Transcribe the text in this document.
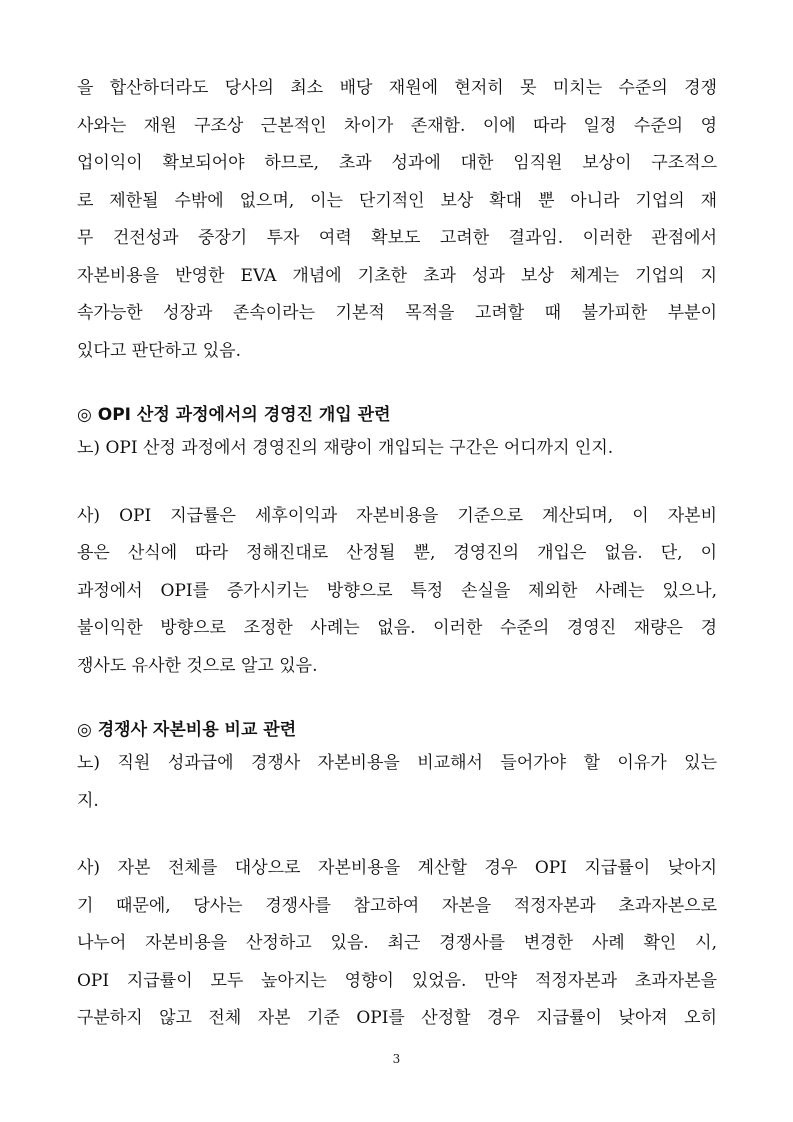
을 합산하더라도 당사의 최소 배당 재원에 현저히 못 미치는 수준의 경쟁
사와는 재원 구조상 근본적인 차이가 존재함. 이에 따라 일정 수준의 영
업이익이 확보되어야 하므로, 초과 성과에 대한 임직원 보상이 구조적으
로 제한될 수밖에 없으며, 이는 단기적인 보상 확대 뿐 아니라 기업의 재
무 건전성과 중장기 투자 여력 확보도 고려한 결과임. 이러한 관점에서
자본비용을 반영한 EVA 개념에 기초한 초과 성과 보상 체계는 기업의 지
속가능한 성장과 존속이라는 기본적 목적을 고려할 때 불가피한 부분이
있다고 판단하고 있음.
◎ OPI 산정 과정에서의 경영진 개입 관련
노) OPI 산정 과정에서 경영진의 재량이 개입되는 구간은 어디까지 인지.
사) OPI 지급률은 세후이익과 자본비용을 기준으로 계산되며, 이 자본비
용은 산식에 따라 정해진대로 산정될 뿐, 경영진의 개입은 없음. 단, 이
과정에서 OPI를 증가시키는 방향으로 특정 손실을 제외한 사례는 있으나,
불이익한 방향으로 조정한 사례는 없음. 이러한 수준의 경영진 재량은 경
쟁사도 유사한 것으로 알고 있음.
◎ 경쟁사 자본비용 비교 관련
노) 직원 성과급에 경쟁사 자본비용을 비교해서 들어가야 할 이유가 있는
지.
사) 자본 전체를 대상으로 자본비용을 계산할 경우 OPI 지급률이 낮아지
기 때문에, 당사는 경쟁사를 참고하여 자본을 적정자본과 초과자본으로
나누어 자본비용을 산정하고 있음. 최근 경쟁사를 변경한 사례 확인 시,
OPI 지급률이 모두 높아지는 영향이 있었음. 만약 적정자본과 초과자본을
구분하지 않고 전체 자본 기준 OPI를 산정할 경우 지급률이 낮아져 오히
3
